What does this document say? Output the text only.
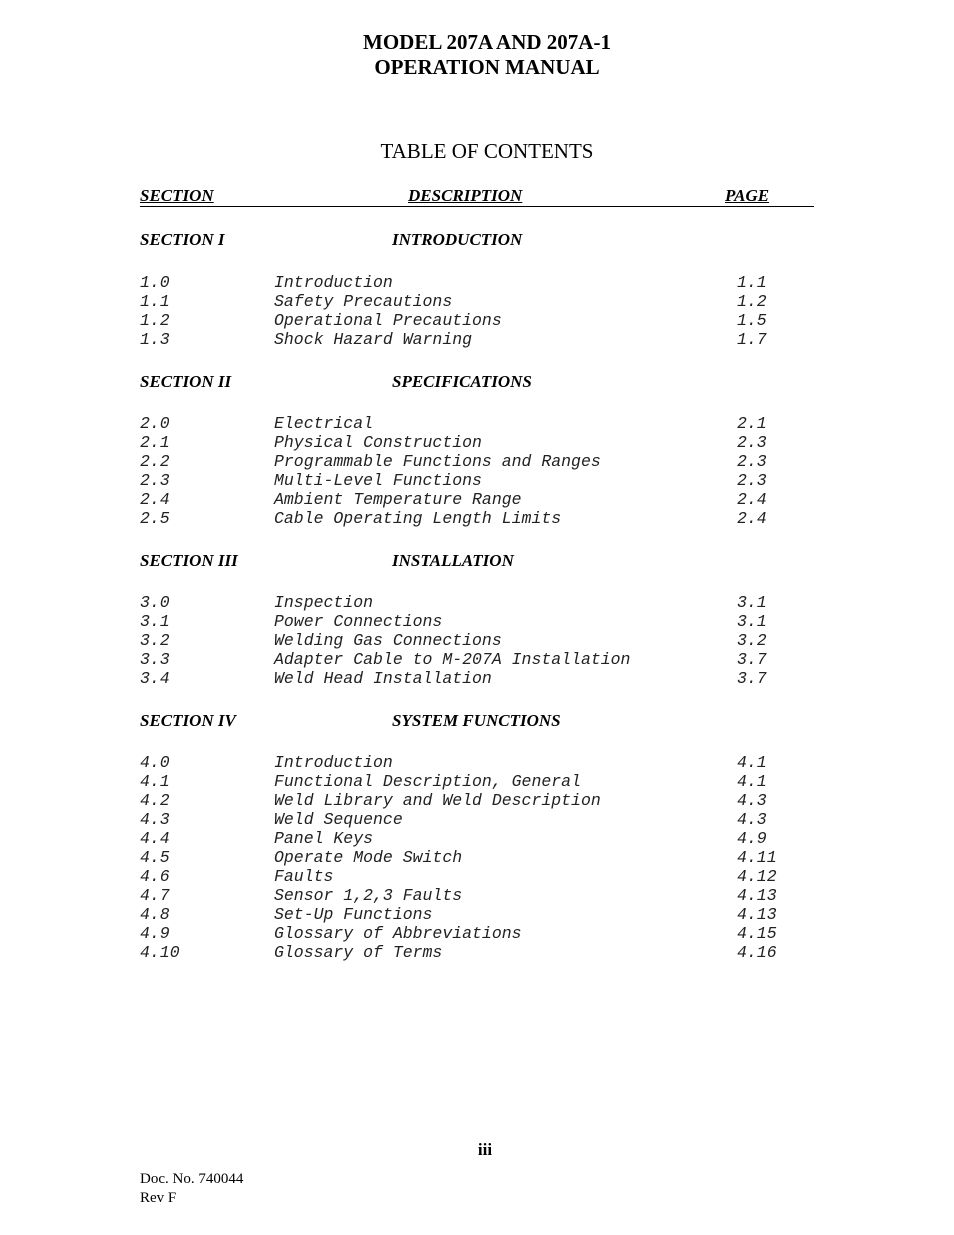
MODEL 207A AND 207A-1
OPERATION MANUAL
TABLE OF CONTENTS
SECTION	DESCRIPTION	PAGE
SECTION I	INTRODUCTION
1.0	Introduction	1.1
1.1	Safety Precautions	1.2
1.2	Operational Precautions	1.5
1.3	Shock Hazard Warning	1.7
SECTION II	SPECIFICATIONS
2.0	Electrical	2.1
2.1	Physical Construction	2.3
2.2	Programmable Functions and Ranges	2.3
2.3	Multi-Level Functions	2.3
2.4	Ambient Temperature Range	2.4
2.5	Cable Operating Length Limits	2.4
SECTION III	INSTALLATION
3.0	Inspection	3.1
3.1	Power Connections	3.1
3.2	Welding Gas Connections	3.2
3.3	Adapter Cable to M-207A Installation	3.7
3.4	Weld Head Installation	3.7
SECTION IV	SYSTEM FUNCTIONS
4.0	Introduction	4.1
4.1	Functional Description, General	4.1
4.2	Weld Library and Weld Description	4.3
4.3	Weld Sequence	4.3
4.4	Panel Keys	4.9
4.5	Operate Mode Switch	4.11
4.6	Faults	4.12
4.7	Sensor 1,2,3 Faults	4.13
4.8	Set-Up Functions	4.13
4.9	Glossary of Abbreviations	4.15
4.10	Glossary of Terms	4.16
iii
Doc. No. 740044
Rev F
